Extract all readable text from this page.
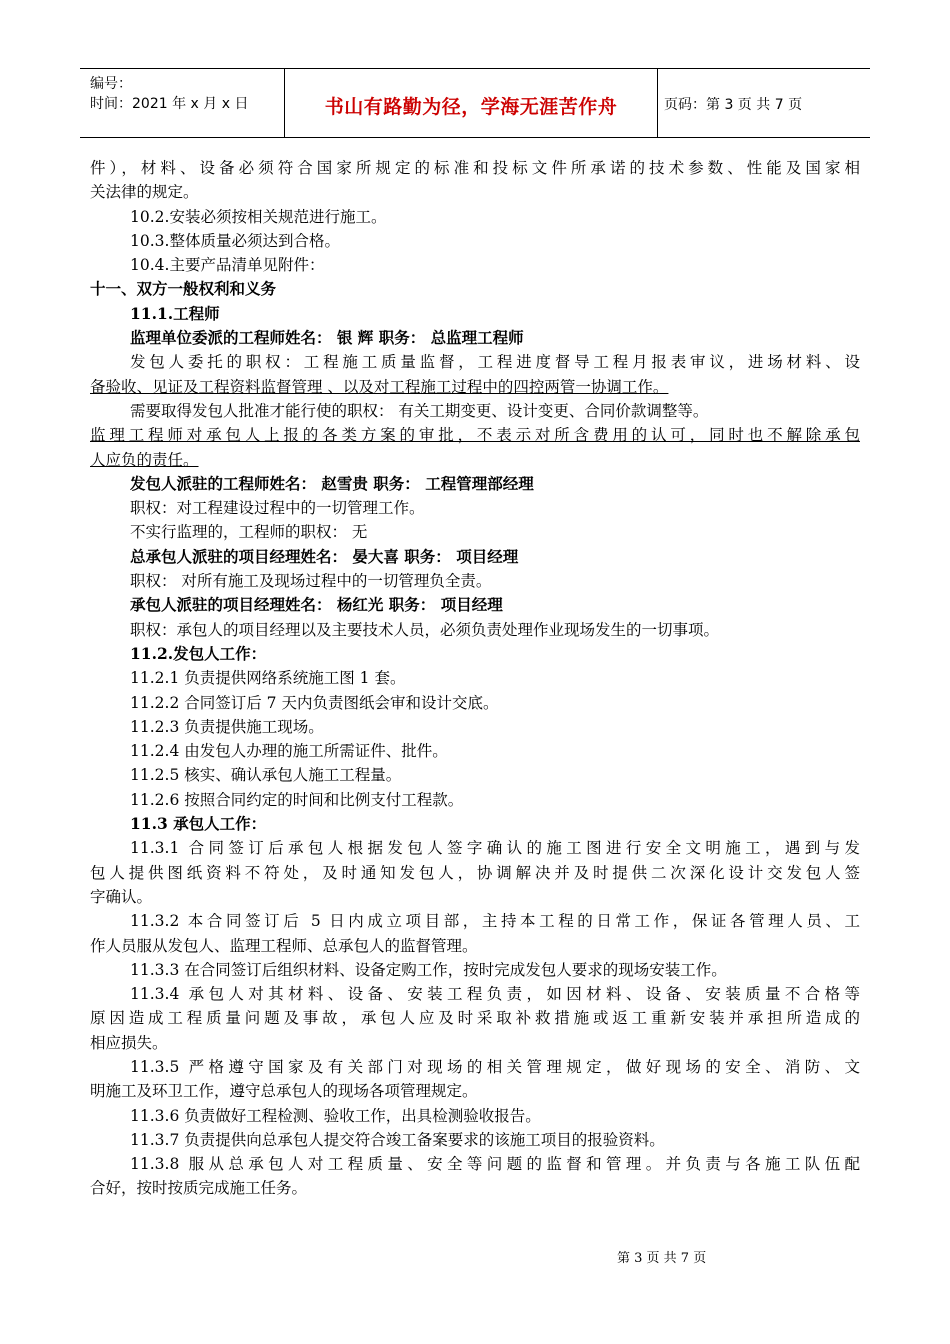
编号：
时间：2021 年 x 月 x 日	书山有路勤为径，学海无涯苦作舟	页码：第 3 页 共 7 页

件），材料、设备必须符合国家所规定的标准和投标文件所承诺的技术参数、性能及国家相

关法律的规定。

10.2.安装必须按相关规范进行施工。

10.3.整体质量必须达到合格。

10.4.主要产品清单见附件：

十一、双方一般权利和义务

11.1.工程师

监理单位委派的工程师姓名： 银 辉 职务： 总监理工程师

发包人委托的职权：工程施工质量监督，工程进度督导工程月报表审议，进场材料、设

备验收、见证及工程资料监督管理 、以及对工程施工过程中的四控两管一协调工作。

需要取得发包人批准才能行使的职权： 有关工期变更、设计变更、合同价款调整等。

监理工程师对承包人上报的各类方案的审批，不表示对所含费用的认可，同时也不解除承包

人应负的责任。

发包人派驻的工程师姓名： 赵雪贵 职务： 工程管理部经理

职权：对工程建设过程中的一切管理工作。

不实行监理的，工程师的职权： 无

总承包人派驻的项目经理姓名： 晏大喜 职务： 项目经理

职权： 对所有施工及现场过程中的一切管理负全责。

承包人派驻的项目经理姓名： 杨红光 职务： 项目经理

职权：承包人的项目经理以及主要技术人员，必须负责处理作业现场发生的一切事项。

11.2.发包人工作：

11.2.1 负责提供网络系统施工图 1 套。

11.2.2 合同签订后 7 天内负责图纸会审和设计交底。

11.2.3 负责提供施工现场。

11.2.4 由发包人办理的施工所需证件、批件。

11.2.5 核实、确认承包人施工工程量。

11.2.6 按照合同约定的时间和比例支付工程款。

11.3 承包人工作：

11.3.1 合同签订后承包人根据发包人签字确认的施工图进行安全文明施工，遇到与发

包人提供图纸资料不符处，及时通知发包人，协调解决并及时提供二次深化设计交发包人签

字确认。

11.3.2 本合同签订后 5 日内成立项目部，主持本工程的日常工作，保证各管理人员、工

作人员服从发包人、监理工程师、总承包人的监督管理。

11.3.3 在合同签订后组织材料、设备定购工作，按时完成发包人要求的现场安装工作。

11.3.4 承包人对其材料、设备、安装工程负责，如因材料、设备、安装质量不合格等

原因造成工程质量问题及事故，承包人应及时采取补救措施或返工重新安装并承担所造成的

相应损失。

11.3.5 严格遵守国家及有关部门对现场的相关管理规定，做好现场的安全、消防、文

明施工及环卫工作，遵守总承包人的现场各项管理规定。

11.3.6 负责做好工程检测、验收工作，出具检测验收报告。

11.3.7 负责提供向总承包人提交符合竣工备案要求的该施工项目的报验资料。

11.3.8 服从总承包人对工程质量、安全等问题的监督和管理。并负责与各施工队伍配

合好，按时按质完成施工任务。

第 3 页 共 7 页
